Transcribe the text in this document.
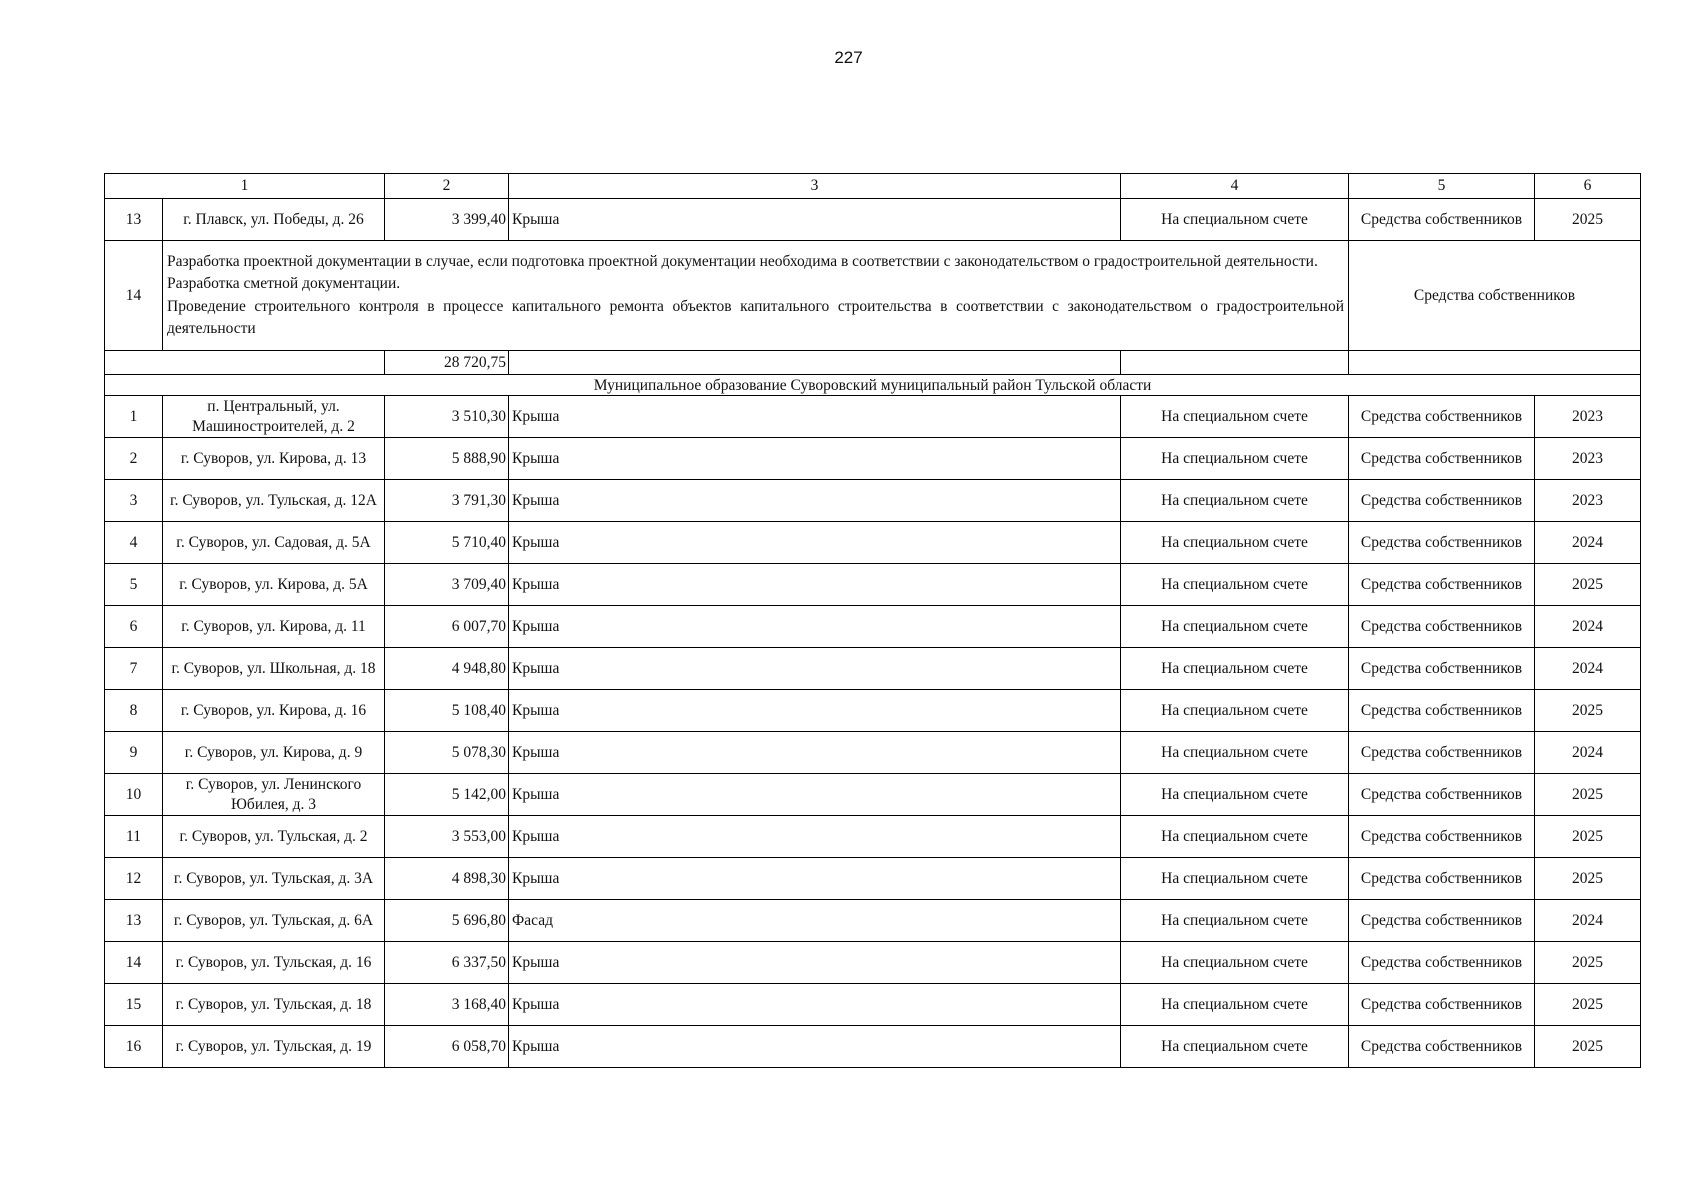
227
1		2	3	4	5	6
13	г. Плавск, ул. Победы, д. 26	3 399,40	Крыша	На специальном счете	Средства собственников	2025
14	Разработка проектной документации в случае, если подготовка проектной документации необходима в соответствии с законодательством о градостроительной деятельности.
Разработка сметной документации.
Проведение строительного контроля в процессе капитального ремонта объектов капитального строительства в соответствии с законодательством о градостроительной деятельности				Средства собственников	
		28 720,75				
Муниципальное образование Суворовский муниципальный район Тульской области						
1	п. Центральный, ул. Машиностроителей, д. 2	3 510,30	Крыша	На специальном счете	Средства собственников	2023
2	г. Суворов, ул. Кирова, д. 13	5 888,90	Крыша	На специальном счете	Средства собственников	2023
3	г. Суворов, ул. Тульская, д. 12А	3 791,30	Крыша	На специальном счете	Средства собственников	2023
4	г. Суворов, ул. Садовая, д. 5А	5 710,40	Крыша	На специальном счете	Средства собственников	2024
5	г. Суворов, ул. Кирова, д. 5А	3 709,40	Крыша	На специальном счете	Средства собственников	2025
6	г. Суворов, ул. Кирова, д. 11	6 007,70	Крыша	На специальном счете	Средства собственников	2024
7	г. Суворов, ул. Школьная, д. 18	4 948,80	Крыша	На специальном счете	Средства собственников	2024
8	г. Суворов, ул. Кирова, д. 16	5 108,40	Крыша	На специальном счете	Средства собственников	2025
9	г. Суворов, ул. Кирова, д. 9	5 078,30	Крыша	На специальном счете	Средства собственников	2024
10	г. Суворов, ул. Ленинского Юбилея, д. 3	5 142,00	Крыша	На специальном счете	Средства собственников	2025
11	г. Суворов, ул. Тульская, д. 2	3 553,00	Крыша	На специальном счете	Средства собственников	2025
12	г. Суворов, ул. Тульская, д. 3А	4 898,30	Крыша	На специальном счете	Средства собственников	2025
13	г. Суворов, ул. Тульская, д. 6А	5 696,80	Фасад	На специальном счете	Средства собственников	2024
14	г. Суворов, ул. Тульская, д. 16	6 337,50	Крыша	На специальном счете	Средства собственников	2025
15	г. Суворов, ул. Тульская, д. 18	3 168,40	Крыша	На специальном счете	Средства собственников	2025
16	г. Суворов, ул. Тульская, д. 19	6 058,70	Крыша	На специальном счете	Средства собственников	2025
